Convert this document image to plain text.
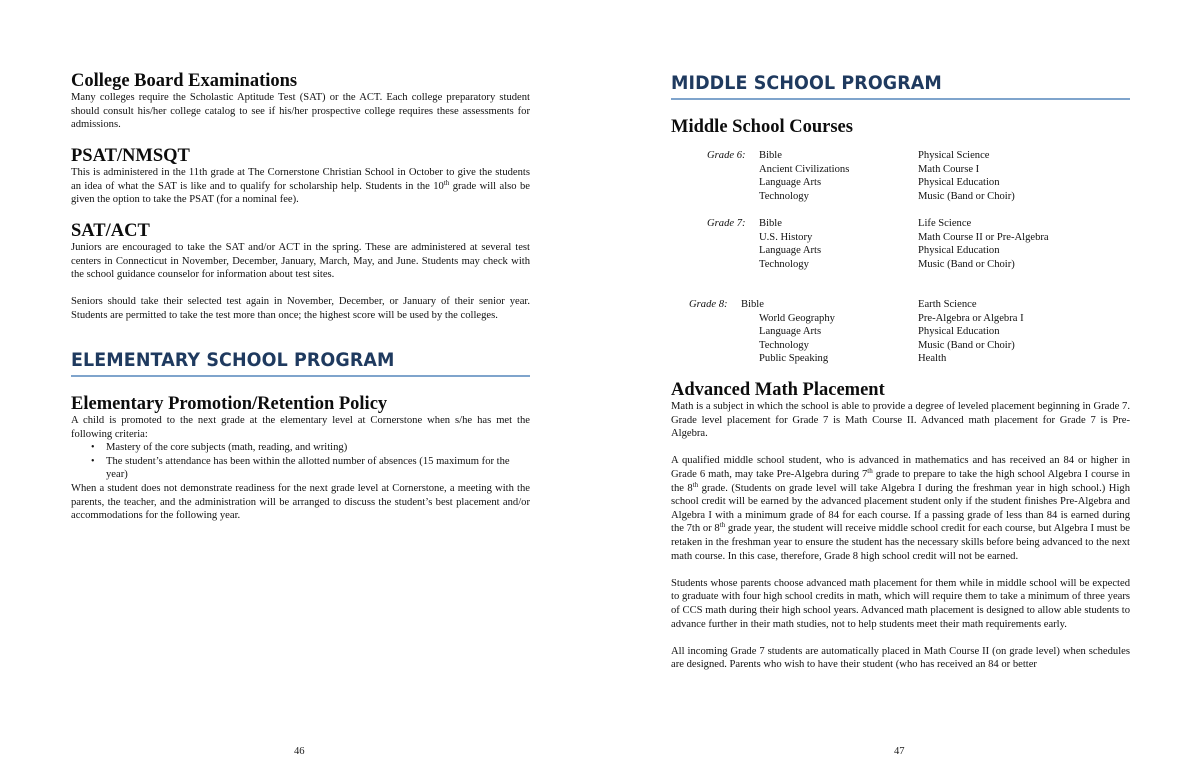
College Board Examinations
Many colleges require the Scholastic Aptitude Test (SAT) or the ACT. Each college preparatory student should consult his/her college catalog to see if his/her prospective college requires these assessments for admissions.
PSAT/NMSQT
This is administered in the 11th grade at The Cornerstone Christian School in October to give the students an idea of what the SAT is like and to qualify for scholarship help. Students in the 10th grade will also be given the option to take the PSAT (for a nominal fee).
SAT/ACT
Juniors are encouraged to take the SAT and/or ACT in the spring. These are administered at several test centers in Connecticut in November, December, January, March, May, and June. Students may check with the school guidance counselor for information about test sites.
Seniors should take their selected test again in November, December, or January of their senior year. Students are permitted to take the test more than once; the highest score will be used by the colleges.
ELEMENTARY SCHOOL PROGRAM
Elementary Promotion/Retention Policy
A child is promoted to the next grade at the elementary level at Cornerstone when s/he has met the following criteria:
• Mastery of the core subjects (math, reading, and writing)
• The student’s attendance has been within the allotted number of absences (15 maximum for the year)
When a student does not demonstrate readiness for the next grade level at Cornerstone, a meeting with the parents, the teacher, and the administration will be arranged to discuss the student’s best placement and/or accommodations for the following year.
46
MIDDLE SCHOOL PROGRAM
Middle School Courses
Grade 6: Bible	Physical Science
Ancient Civilizations	Math Course I
Language Arts	Physical Education
Technology	Music (Band or Choir)
Grade 7: Bible	Life Science
U.S. History	Math Course II or Pre-Algebra
Language Arts	Physical Education
Technology	Music (Band or Choir)
Grade 8: Bible	Earth Science
World Geography	Pre-Algebra or Algebra I
Language Arts	Physical Education
Technology	Music (Band or Choir)
Public Speaking	Health
Advanced Math Placement
Math is a subject in which the school is able to provide a degree of leveled placement beginning in Grade 7. Grade level placement for Grade 7 is Math Course II. Advanced math placement for Grade 7 is Pre-Algebra.
A qualified middle school student, who is advanced in mathematics and has received an 84 or higher in Grade 6 math, may take Pre-Algebra during 7th grade to prepare to take the high school Algebra I course in the 8th grade. (Students on grade level will take Algebra I during the freshman year in high school.) High school credit will be earned by the advanced placement student only if the student finishes Pre-Algebra and Algebra I with a minimum grade of 84 for each course. If a passing grade of less than 84 is earned during the 7th or 8th grade year, the student will receive middle school credit for each course, but Algebra I must be retaken in the freshman year to ensure the student has the necessary skills before being advanced to the next math course. In this case, therefore, Grade 8 high school credit will not be earned.
Students whose parents choose advanced math placement for them while in middle school will be expected to graduate with four high school credits in math, which will require them to take a minimum of three years of CCS math during their high school years. Advanced math placement is designed to allow able students to advance further in their math studies, not to help students meet their math requirements early.
All incoming Grade 7 students are automatically placed in Math Course II (on grade level) when schedules are designed. Parents who wish to have their student (who has received an 84 or better
47
